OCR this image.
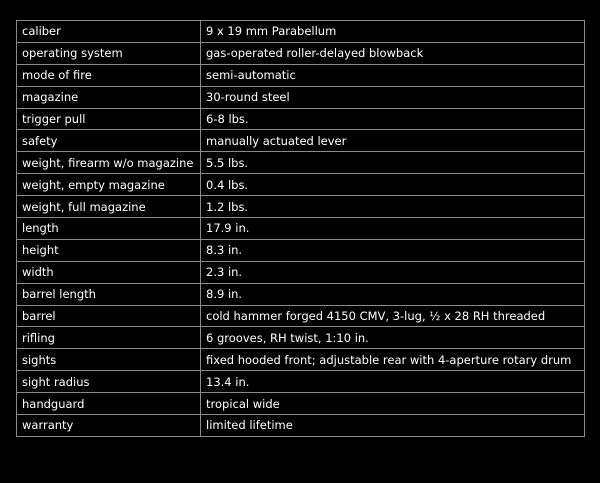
caliber	9 x 19 mm Parabellum
operating system	gas-operated roller-delayed blowback
mode of fire	semi-automatic
magazine	30-round steel
trigger pull	6-8 lbs.
safety	manually actuated lever
weight, firearm w/o magazine	5.5 lbs.
weight, empty magazine	0.4 lbs.
weight, full magazine	1.2 lbs.
length	17.9 in.
height	8.3 in.
width	2.3 in.
barrel length	8.9 in.
barrel	cold hammer forged 4150 CMV, 3-lug, ½ x 28 RH threaded
rifling	6 grooves, RH twist, 1:10 in.
sights	fixed hooded front; adjustable rear with 4-aperture rotary drum
sight radius	13.4 in.
handguard	tropical wide
warranty	limited lifetime
